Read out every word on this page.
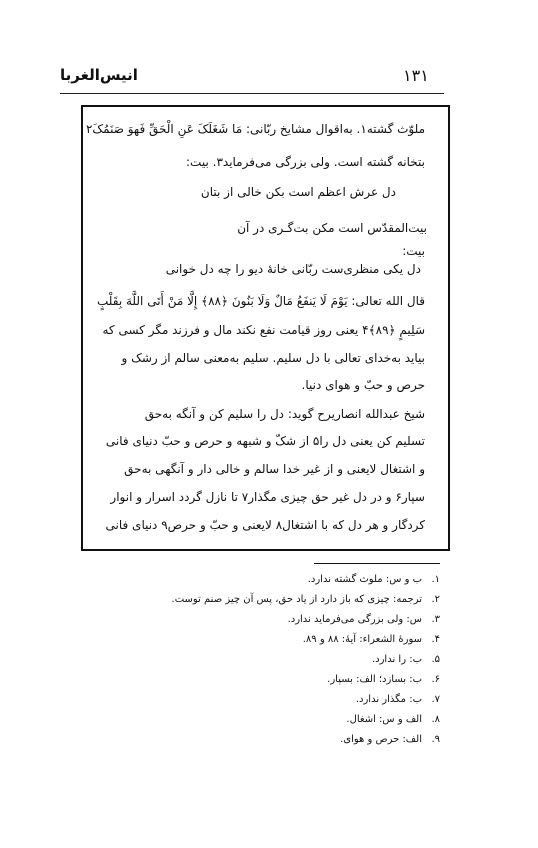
۱۳۱
انیس‌الغربا
ملوّث گشته۱. به‌اقوال مشایخ ربّانی: مَا شَغَلَکَ عَنِ الْحَقِّ فَهوَ صَنَمُکَ۲
بتخانه گشته است. ولی بزرگی می‌فرماید۳. بیت:
دل عرش اعظم است بکن خالی از بتان
بیت‌المقدّس است مکن بت‌گـری در آن
بیت:
دل یکی منظری‌ست ربّانی خانهٔ دیو را چه دل خوانی
قال الله تعالی: یَوْمَ لَا یَنفَعُ مَالٌ وَلَا بَنُونَ ﴿۸۸﴾ إِلَّا مَنْ أَتَی اللَّهَ بِقَلْبٍ
سَلِیمٍ ﴿۸۹﴾۴ یعنی روز قیامت نفع نکند مال و فرزند مگر کسی که
بیاید به‌خدای تعالی با دل سلیم. سلیم به‌معنی سالم از رشک و
حرص و حبّ و هوای دنیا.
شیخ عبدالله انصاریرح گوید: دل را سلیم کن و آنگه به‌حق
تسلیم کن یعنی دل را۵ از شکّ و شبهه و حرص و حبّ دنیای فانی
و اشتغال لایعنی و از غیر خدا سالم و خالی دار و آنگهی به‌حق
سپار۶ و در دل غیر حق چیزی مگذار۷ تا نازل گردد اسرار و انوار
کردگار و هر دل که با اشتغال۸ لایعنی و حبّ و حرص۹ دنیای فانی
۱.ب و س: ملوث گشته ندارد.
۲.ترجمه: چیزی که باز دارد از یاد حق، پس آن چیز صنم توست.
۳.س: ولی بزرگی می‌فرماید ندارد.
۴.سورهٔ الشعراء: آیهٔ: ۸۸ و ۸۹.
۵.ب: را ندارد.
۶.ب: بسازد؛ الف: بسپار.
۷.ب: مگذار ندارد.
۸.الف و س: اشغال.
۹.الف: حرص و هوای.
